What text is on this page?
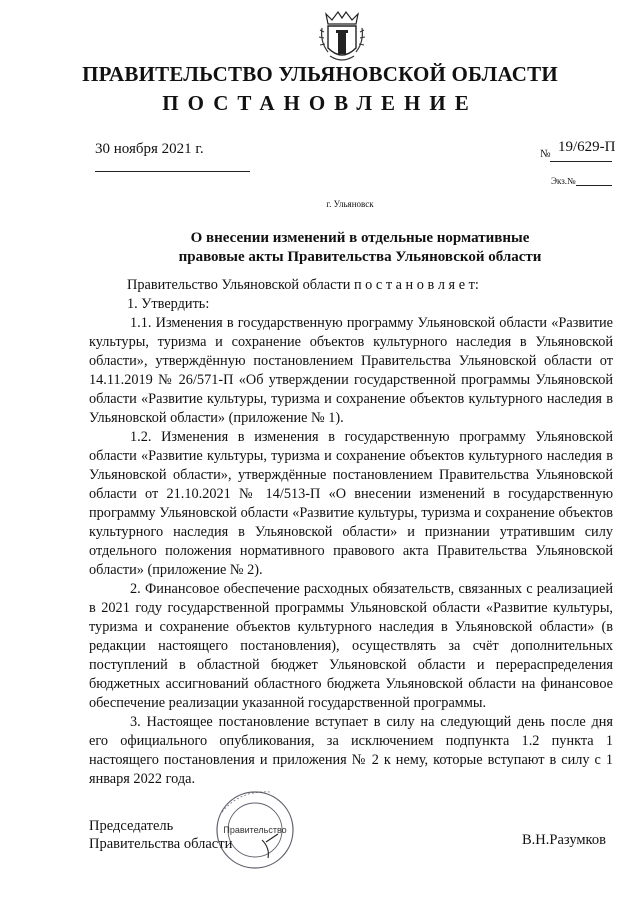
ПРАВИТЕЛЬСТВО УЛЬЯНОВСКОЙ ОБЛАСТИ
ПОСТАНОВЛЕНИЕ
30 ноября 2021 г.	№ 19/629-П
Экз.№
г. Ульяновск
О внесении изменений в отдельные нормативные
правовые акты Правительства Ульяновской области

Правительство Ульяновской области п о с т а н о в л я е т:

1. Утвердить:

1.1. Изменения в государственную программу Ульяновской области «Развитие культуры, туризма и сохранение объектов культурного наследия в Ульяновской области», утверждённую постановлением Правительства Ульяновской области от 14.11.2019 № 26/571-П «Об утверждении государственной программы Ульяновской области «Развитие культуры, туризма и сохранение объектов культурного наследия в Ульяновской области» (приложение № 1).

1.2. Изменения в изменения в государственную программу Ульяновской области «Развитие культуры, туризма и сохранение объектов культурного наследия в Ульяновской области», утверждённые постановлением Правительства Ульяновской области от 21.10.2021 № 14/513-П «О внесении изменений в государственную программу Ульяновской области «Развитие культуры, туризма и сохранение объектов культурного наследия в Ульяновской области» и признании утратившим силу отдельного положения нормативного правового акта Правительства Ульяновской области» (приложение № 2).

2. Финансовое обеспечение расходных обязательств, связанных с реализацией в 2021 году государственной программы Ульяновской области «Развитие культуры, туризма и сохранение объектов культурного наследия в Ульяновской области» (в редакции настоящего постановления), осуществлять за счёт дополнительных поступлений в областной бюджет Ульяновской области и перераспределения бюджетных ассигнований областного бюджета Ульяновской области на финансовое обеспечение реализации указанной государственной программы.

3. Настоящее постановление вступает в силу на следующий день после дня его официального опубликования, за исключением подпункта 1.2 пункта 1 настоящего постановления и приложения № 2 к нему, которые вступают в силу с 1 января 2022 года.

Председатель
Правительства области
Правительство
В.Н.Разумков
